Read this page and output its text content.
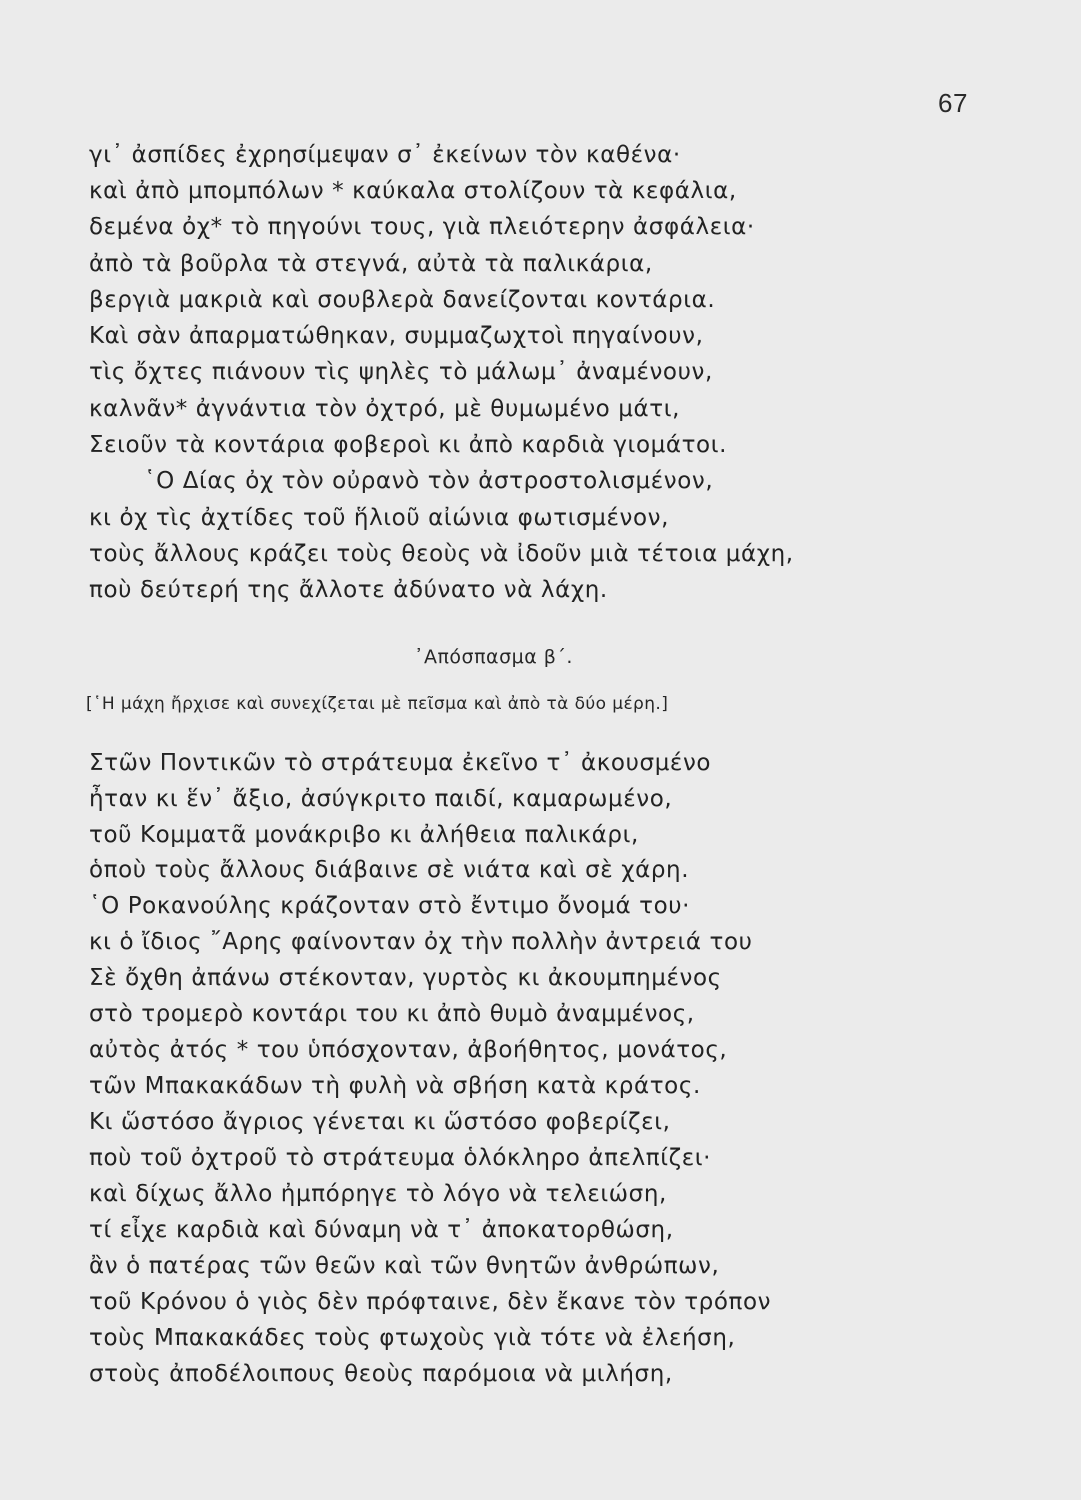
67
γι᾽ ἀσπίδες ἐχρησίμεψαν σ᾽ ἐκείνων τὸν καθένα·
καὶ ἀπὸ μπομπόλων * καύκαλα στολίζουν τὰ κεφάλια,
δεμένα ὀχ* τὸ πηγούνι τους, γιὰ πλειότερην ἀσφάλεια·
ἀπὸ τὰ βοῦρλα τὰ στεγνά, αὐτὰ τὰ παλικάρια,
βεργιὰ μακριὰ καὶ σουβλερὰ δανείζονται κοντάρια.
Καὶ σὰν ἀπαρματώθηκαν, συμμαζωχτοὶ πηγαίνουν,
τὶς ὄχτες πιάνουν τὶς ψηλὲς τὸ μάλωμ᾽ ἀναμένουν,
καλνᾶν* ἀγνάντια τὸν ὀχτρό, μὲ θυμωμένο μάτι,
Σειοῦν τὰ κοντάρια φοβεροὶ κι ἀπὸ καρδιὰ γιομάτοι.
῾Ο Δίας ὀχ τὸν οὐρανὸ τὸν ἀστροστολισμένον,
κι ὀχ τὶς ἀχτίδες τοῦ ἥλιοῦ αἰώνια φωτισμένον,
τοὺς ἄλλους κράζει τοὺς θεοὺς νὰ ἰδοῦν μιὰ τέτοια μάχη,
ποὺ δεύτερή της ἄλλοτε ἀδύνατο νὰ λάχη.
᾽Απόσπασμα β΄.
[῾Η μάχη ἤρχισε καὶ συνεχίζεται μὲ πεῖσμα καὶ ἀπὸ τὰ δύο μέρη.]
Στῶν Ποντικῶν τὸ στράτευμα ἐκεῖνο τ᾽ ἀκουσμένο
ἦταν κι ἕν᾽ ἄξιο, ἀσύγκριτο παιδί, καμαρωμένο,
τοῦ Κομματᾶ μονάκριβο κι ἀλήθεια παλικάρι,
ὁποὺ τοὺς ἄλλους διάβαινε σὲ νιάτα καὶ σὲ χάρη.
῾Ο Ροκανούλης κράζονταν στὸ ἔντιμο ὄνομά του·
κι ὁ ἴδιος ῎Αρης φαίνονταν ὀχ τὴν πολλὴν ἀντρειά του
Σὲ ὄχθη ἀπάνω στέκονταν, γυρτὸς κι ἀκουμπημένος
στὸ τρομερὸ κοντάρι του κι ἀπὸ θυμὸ ἀναμμένος,
αὐτὸς ἀτός * του ὑπόσχονταν, ἀβοήθητος, μονάτος,
τῶν Μπακακάδων τὴ φυλὴ νὰ σβήση κατὰ κράτος.
Κι ὥστόσο ἄγριος γένεται κι ὥστόσο φοβερίζει,
ποὺ τοῦ ὀχτροῦ τὸ στράτευμα ὁλόκληρο ἀπελπίζει·
καὶ δίχως ἄλλο ἠμπόρηγε τὸ λόγο νὰ τελειώση,
τί εἶχε καρδιὰ καὶ δύναμη νὰ τ᾽ ἀποκατορθώση,
ἂν ὁ πατέρας τῶν θεῶν καὶ τῶν θνητῶν ἀνθρώπων,
τοῦ Κρόνου ὁ γιὸς δὲν πρόφταινε, δὲν ἔκανε τὸν τρόπον
τοὺς Μπακακάδες τοὺς φτωχοὺς γιὰ τότε νὰ ἐλεήση,
στοὺς ἀποδέλοιπους θεοὺς παρόμοια νὰ μιλήση,
